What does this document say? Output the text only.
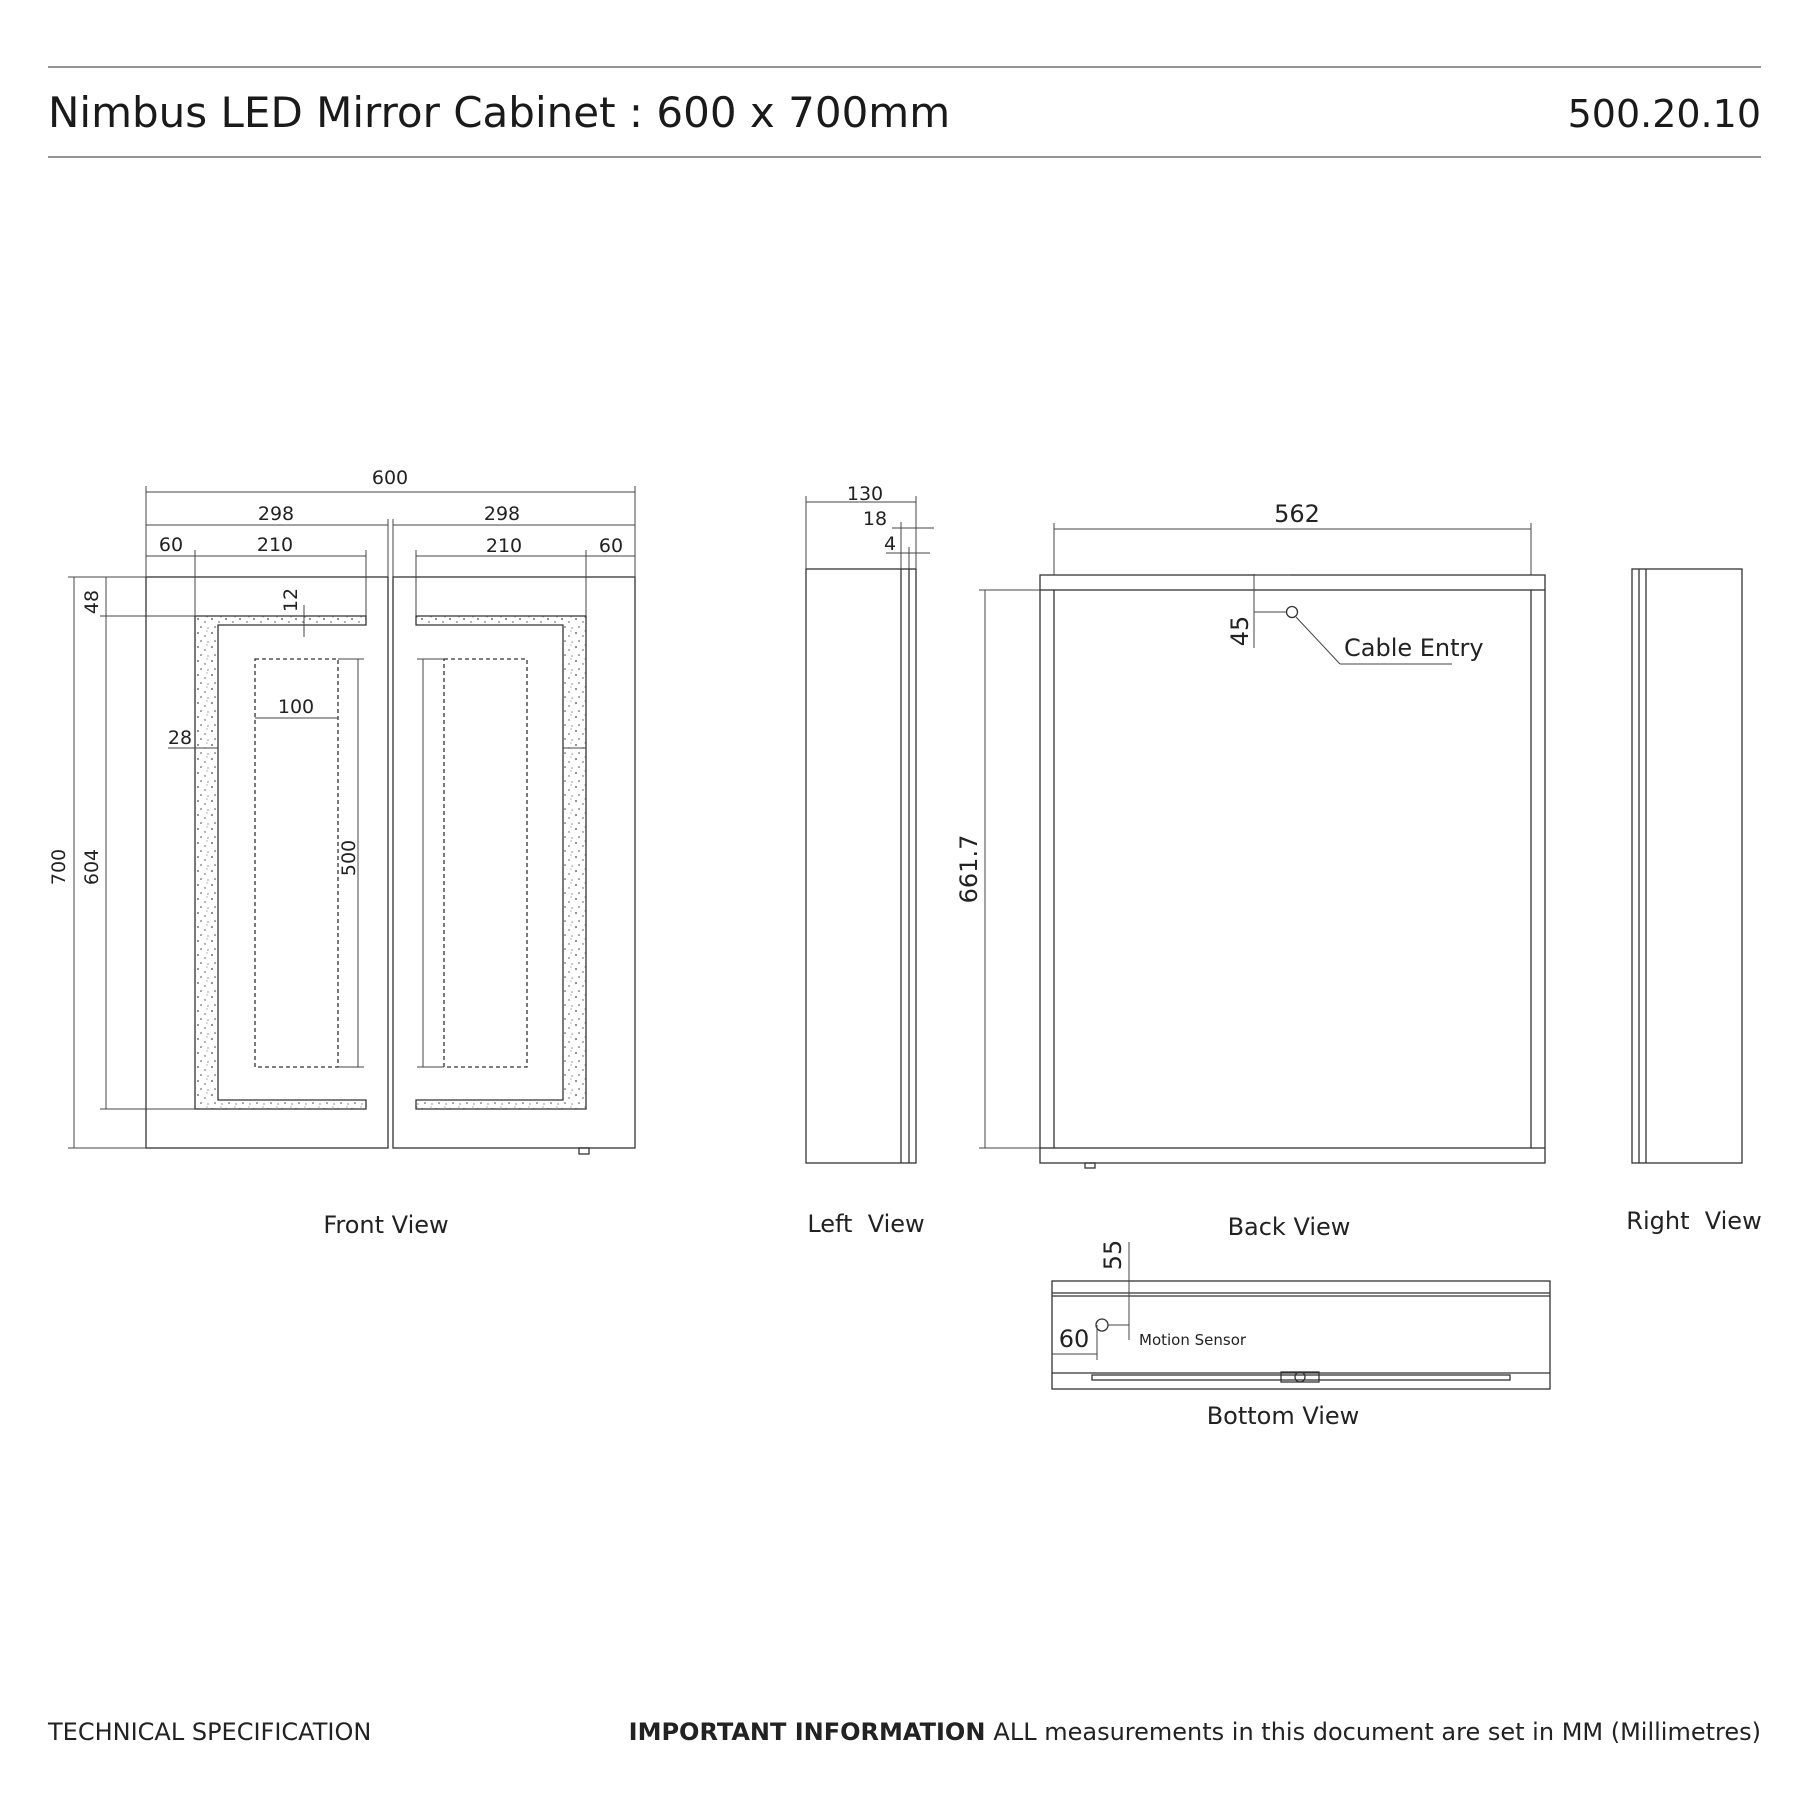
Nimbus LED Mirror Cabinet : 600 x 700mm	500.20.10
600
298	298
60	210	210	60
48	12
28
100
500
700 604
Front View
130
18
4
Left  View
562
661.7
45
Cable Entry
Back View	Right  View
55
60	Motion Sensor
Bottom View
TECHNICAL SPECIFICATION	IMPORTANT INFORMATION ALL measurements in this document are set in MM (Millimetres)
